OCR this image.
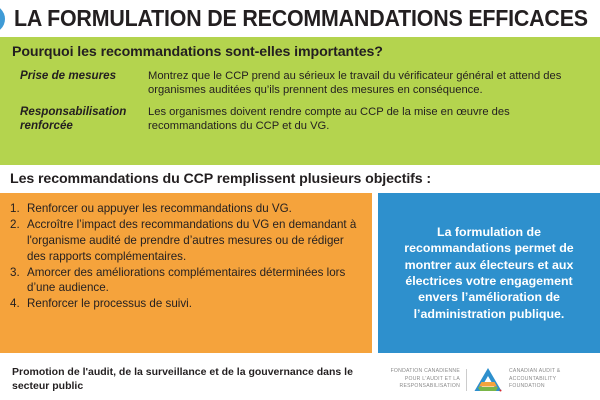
LA FORMULATION DE RECOMMANDATIONS EFFICACES
Pourquoi les recommandations sont-elles importantes?
Prise de mesures	Montrez que le CCP prend au sérieux le travail du vérificateur général et attend des organismes auditées qu’ils prennent des mesures en conséquence.
Responsabilisation renforcée
Les organismes doivent rendre compte au CCP de la mise en œuvre des recommandations du CCP et du VG.
Les recommandations du CCP remplissent plusieurs objectifs :
1. Renforcer ou appuyer les recommandations du VG.
2. Accroître l’impact des recommandations du VG en demandant à l'organisme audité de prendre d’autres mesures ou de rédiger des rapports complémentaires.
3. Amorcer des améliorations complémentaires déterminées lors d’une audience.
4. Renforcer le processus de suivi.
La formulation de recommandations permet de montrer aux électeurs et aux électrices votre engagement envers l’amélioration de l’administration publique.
Promotion de l'audit, de la surveillance et de la gouvernance dans le secteur public
FONDATION CANADIENNE POUR L'AUDIT ET LA RESPONSABILISATION
CANADIAN AUDIT & ACCOUNTABILITY FOUNDATION
